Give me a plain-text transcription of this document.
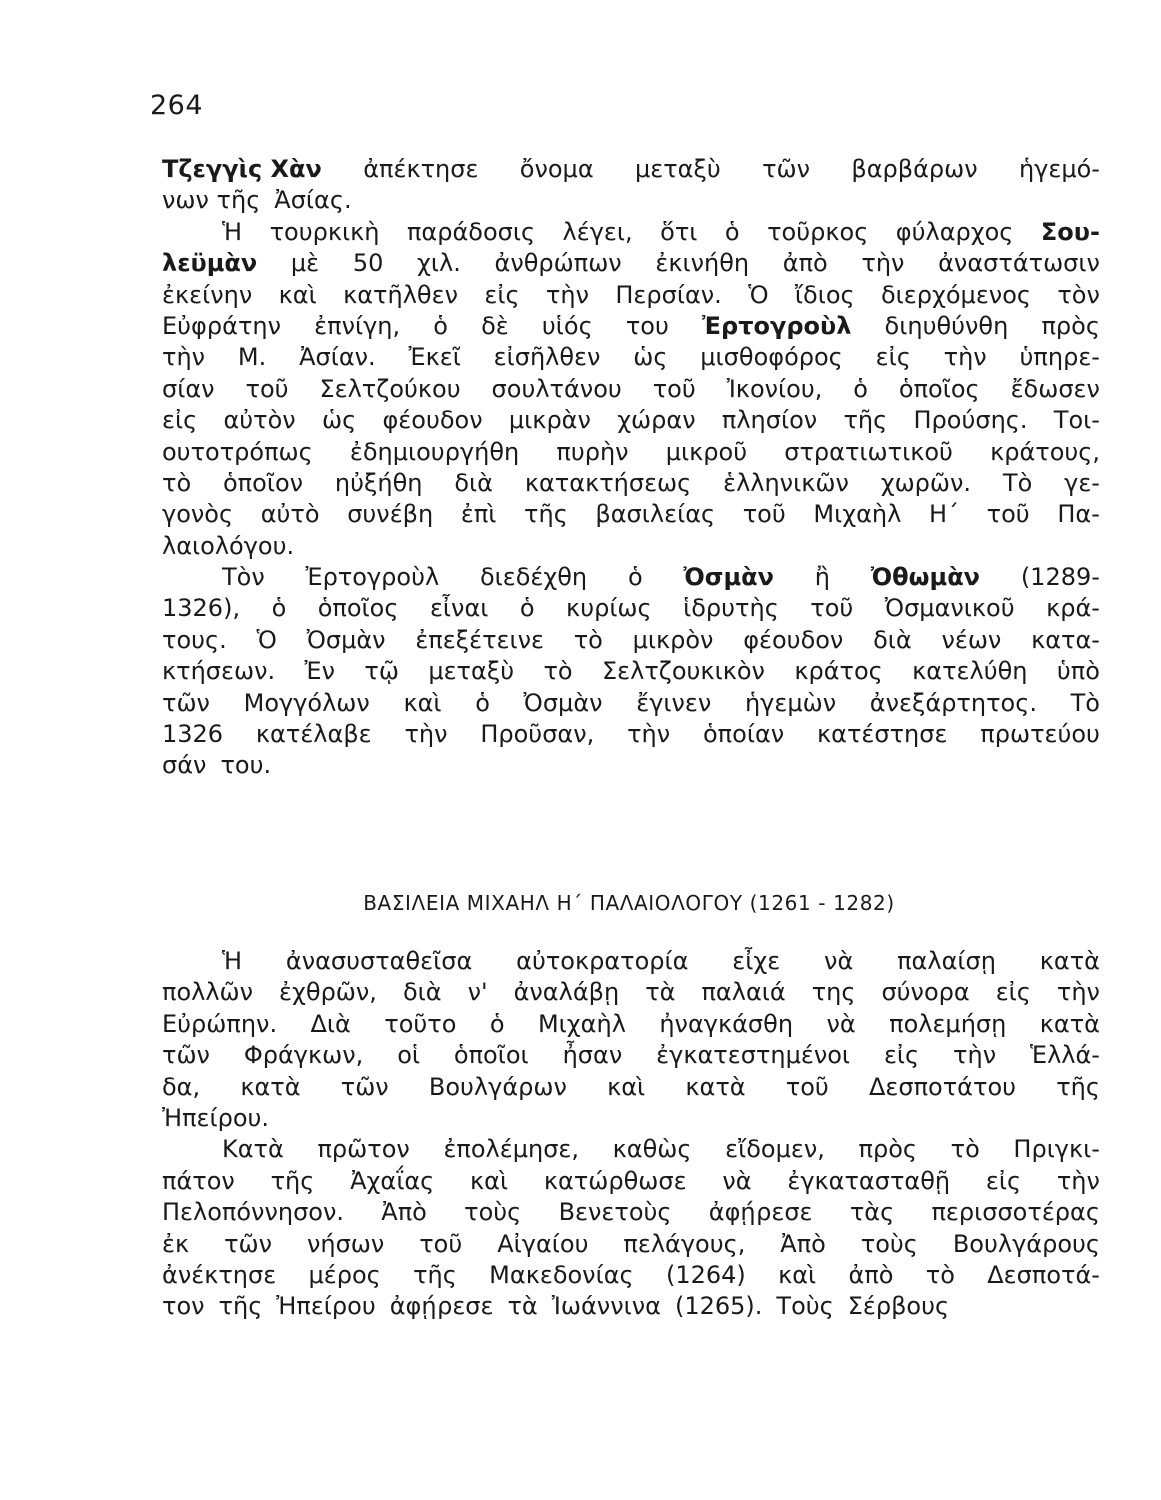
264
Τζεγγὶς Χὰν ἀπέκτησε ὄνομα μεταξὺ τῶν βαρβάρων ἡγεμό-
νων τῆς Ἀσίας.
Ἡ τουρκικὴ παράδοσις λέγει, ὅτι ὁ τοῦρκος φύλαρχος Σου-
λεϋμὰν μὲ 50 χιλ. ἀνθρώπων ἐκινήθη ἀπὸ τὴν ἀναστάτωσιν
ἐκείνην καὶ κατῆλθεν εἰς τὴν Περσίαν. Ὁ ἴδιος διερχόμενος τὸν
Εὐφράτην ἐπνίγη, ὁ δὲ υἱός του Ἐρτογροὺλ διηυθύνθη πρὸς
τὴν Μ. Ἀσίαν. Ἐκεῖ εἰσῆλθεν ὡς μισθοφόρος εἰς τὴν ὑπηρε-
σίαν τοῦ Σελτζούκου σουλτάνου τοῦ Ἰκονίου, ὁ ὁποῖος ἔδωσεν
εἰς αὐτὸν ὡς φέουδον μικρὰν χώραν πλησίον τῆς Προύσης. Τοι-
ουτοτρόπως ἐδημιουργήθη πυρὴν μικροῦ στρατιωτικοῦ κράτους,
τὸ ὁποῖον ηὐξήθη διὰ κατακτήσεως ἑλληνικῶν χωρῶν. Τὸ γε-
γονὸς αὐτὸ συνέβη ἐπὶ τῆς βασιλείας τοῦ Μιχαὴλ Η΄ τοῦ Πα-
λαιολόγου.
Τὸν Ἐρτογροὺλ διεδέχθη ὁ Ὀσμὰν ἢ Ὀθωμὰν (1289-
1326), ὁ ὁποῖος εἶναι ὁ κυρίως ἱδρυτὴς τοῦ Ὀσμανικοῦ κρά-
τους. Ὁ Ὀσμὰν ἐπεξέτεινε τὸ μικρὸν φέουδον διὰ νέων κατα-
κτήσεων. Ἐν τῷ μεταξὺ τὸ Σελτζουκικὸν κράτος κατελύθη ὑπὸ
τῶν Μογγόλων καὶ ὁ Ὀσμὰν ἔγινεν ἡγεμὼν ἀνεξάρτητος. Τὸ
1326 κατέλαβε τὴν Προῦσαν, τὴν ὁποίαν κατέστησε πρωτεύου
σάν του.
ΒΑΣΙΛΕΙΑ ΜΙΧΑΗΛ Η΄ ΠΑΛΑΙΟΛΟΓΟΥ (1261 - 1282)
Ἡ ἀνασυσταθεῖσα αὐτοκρατορία εἶχε νὰ παλαίσῃ κατὰ
πολλῶν ἐχθρῶν, διὰ ν' ἀναλάβῃ τὰ παλαιά της σύνορα εἰς τὴν
Εὐρώπην. Διὰ τοῦτο ὁ Μιχαὴλ ἠναγκάσθη νὰ πολεμήσῃ κατὰ
τῶν Φράγκων, οἱ ὁποῖοι ἦσαν ἐγκατεστημένοι εἰς τὴν Ἑλλά-
δα, κατὰ τῶν Βουλγάρων καὶ κατὰ τοῦ Δεσποτάτου τῆς
Ἠπείρου.
Κατὰ πρῶτον ἐπολέμησε, καθὼς εἴδομεν, πρὸς τὸ Πριγκι-
πάτον τῆς Ἀχαΐας καὶ κατώρθωσε νὰ ἐγκατασταθῇ εἰς τὴν
Πελοπόννησον. Ἀπὸ τοὺς Βενετοὺς ἀφῄρεσε τὰς περισσοτέρας
ἐκ τῶν νήσων τοῦ Αἰγαίου πελάγους, Ἀπὸ τοὺς Βουλγάρους
ἀνέκτησε μέρος τῆς Μακεδονίας (1264) καὶ ἀπὸ τὸ Δεσποτά-
τον τῆς Ἠπείρου ἀφῄρεσε τὰ Ἰωάννινα (1265). Τοὺς Σέρβους
